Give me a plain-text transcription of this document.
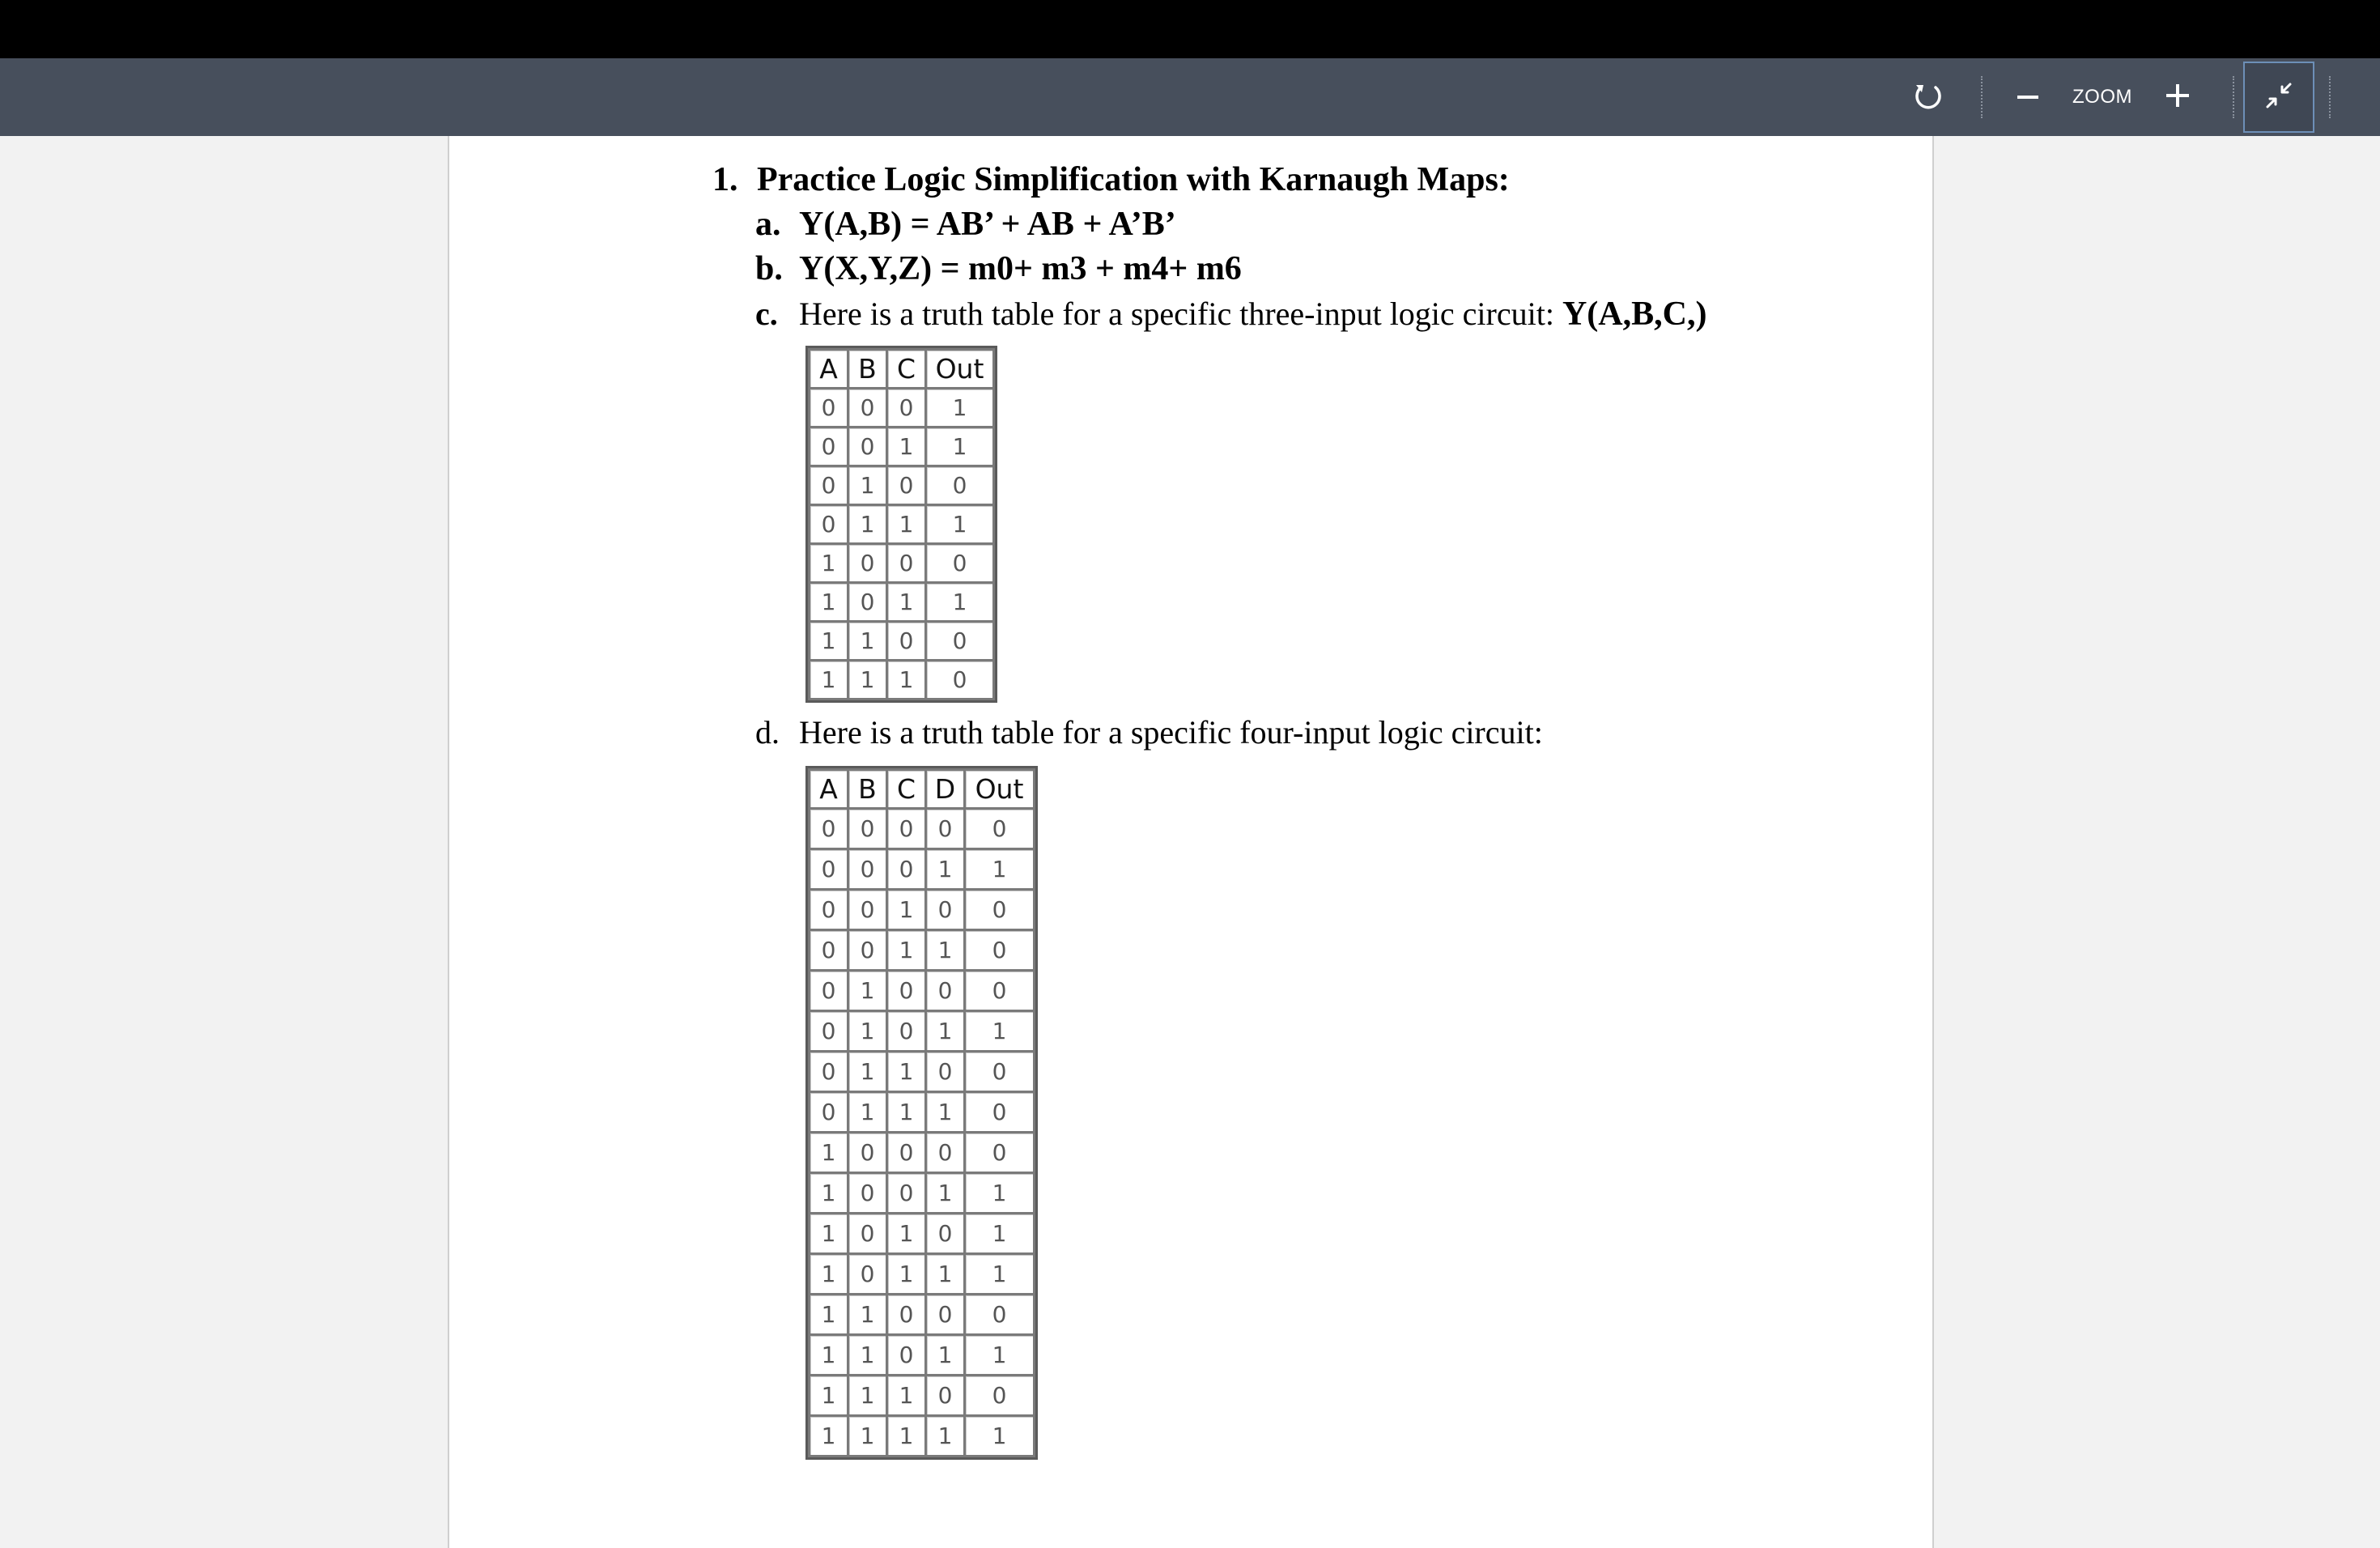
ZOOM
1. Practice Logic Simplification with Karnaugh Maps:
a. Y(A,B) = AB’ + AB + A’B’
b. Y(X,Y,Z) = m0+ m3 + m4+ m6
c. Here is a truth table for a specific three-input logic circuit: Y(A,B,C,)
A	B	C	Out
0	0	0	1
0	0	1	1
0	1	0	0
0	1	1	1
1	0	0	0
1	0	1	1
1	1	0	0
1	1	1	0
d. Here is a truth table for a specific four-input logic circuit:
A	B	C	D	Out
0	0	0	0	0
0	0	0	1	1
0	0	1	0	0
0	0	1	1	0
0	1	0	0	0
0	1	0	1	1
0	1	1	0	0
0	1	1	1	0
1	0	0	0	0
1	0	0	1	1
1	0	1	0	1
1	0	1	1	1
1	1	0	0	0
1	1	0	1	1
1	1	1	0	0
1	1	1	1	1
